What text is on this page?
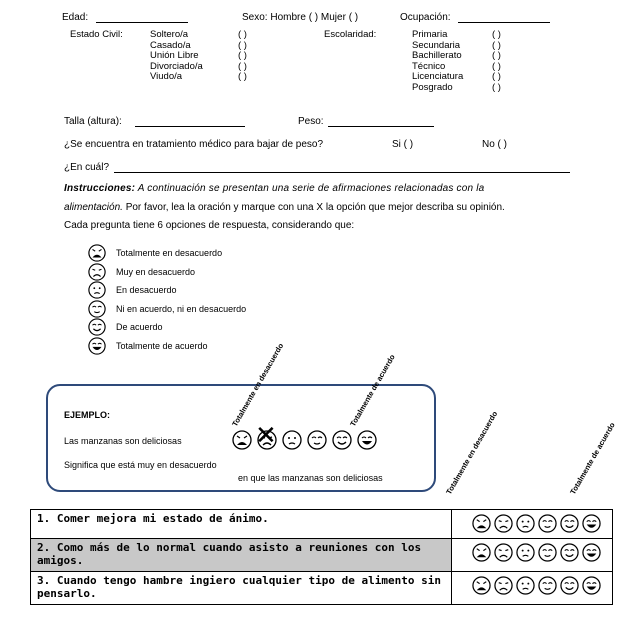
Edad:	Sexo: Hombre ( ) Mujer ( )	Ocupación:
Estado Civil:	Soltero/a	( )
Casado/a	( )
Unión Libre	( )
Divorciado/a	( )
Viudo/a	( )
Escolaridad:	Primaria	( )
Secundaria	( )
Bachillerato	( )
Técnico	( )
Licenciatura	( )
Posgrado	( )
Talla (altura):	Peso:
¿Se encuentra en tratamiento médico para bajar de peso?	Si ( )	No ( )
¿En cuál?
Instrucciones: A continuación se presentan una serie de afirmaciones relacionadas con la
alimentación. Por favor, lea la oración y marque con una X la opción que mejor describa su opinión.
Cada pregunta tiene 6 opciones de respuesta, considerando que:
Totalmente en desacuerdo
Muy en desacuerdo
En desacuerdo
Ni en acuerdo, ni en desacuerdo
De acuerdo
Totalmente de acuerdo
EJEMPLO:
Las manzanas son deliciosas
Significa que está muy en desacuerdo
en que las manzanas son deliciosas
Totalmente en desacuerdo	Totalmente de acuerdo
✕	Totalmente en desacuerdo	Totalmente de acuerdo
1. Comer mejora mi estado de ánimo.	

2. Como más de lo normal cuando asisto a reuniones con los amigos.	

3. Cuando tengo hambre ingiero cualquier tipo de alimento sin pensarlo.	
